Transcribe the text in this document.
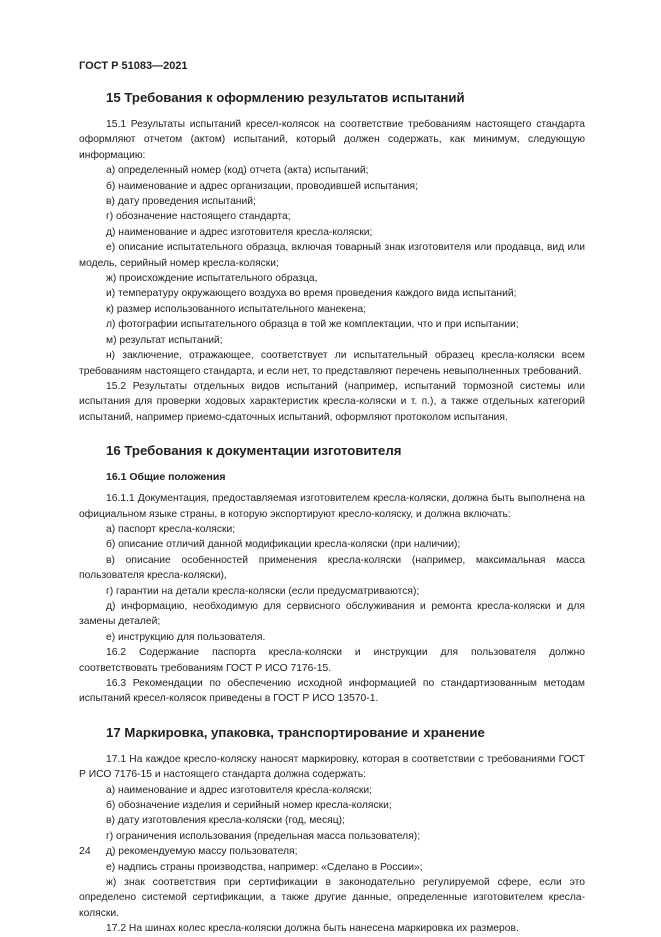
ГОСТ Р 51083—2021
15 Требования к оформлению результатов испытаний

15.1 Результаты испытаний кресел-колясок на соответствие требованиям настоящего стандарта оформляют отчетом (актом) испытаний, который должен содержать, как минимум, следующую информацию:

а) определенный номер (код) отчета (акта) испытаний;

б) наименование и адрес организации, проводившей испытания;

в) дату проведения испытаний;

г) обозначение настоящего стандарта;

д) наименование и адрес изготовителя кресла-коляски;

е) описание испытательного образца, включая товарный знак изготовителя или продавца, вид или модель, серийный номер кресла-коляски;

ж) происхождение испытательного образца,

и) температуру окружающего воздуха во время проведения каждого вида испытаний;

к) размер использованного испытательного манекена;

л) фотографии испытательного образца в той же комплектации, что и при испытании;

м) результат испытаний;

н) заключение, отражающее, соответствует ли испытательный образец кресла-коляски всем требованиям настоящего стандарта, и если нет, то представляют перечень невыполненных требований.

15.2 Результаты отдельных видов испытаний (например, испытаний тормозной системы или испытания для проверки ходовых характеристик кресла-коляски и т. п.), а также отдельных категорий испытаний, например приемо-сдаточных испытаний, оформляют протоколом испытания.

16 Требования к документации изготовителя
16.1 Общие положения

16.1.1 Документация, предоставляемая изготовителем кресла-коляски, должна быть выполнена на официальном языке страны, в которую экспортируют кресло-коляску, и должна включать:

а) паспорт кресла-коляски;

б) описание отличий данной модификации кресла-коляски (при наличии);

в) описание особенностей применения кресла-коляски (например, максимальная масса пользователя кресла-коляски),

г) гарантии на детали кресла-коляски (если предусматриваются);

д) информацию, необходимую для сервисного обслуживания и ремонта кресла-коляски и для замены деталей;

е) инструкцию для пользователя.

16.2 Содержание паспорта кресла-коляски и инструкции для пользователя должно соответствовать требованиям ГОСТ Р ИСО 7176-15.

16.3 Рекомендации по обеспечению исходной информацией по стандартизованным методам испытаний кресел-колясок приведены в ГОСТ Р ИСО 13570-1.

17 Маркировка, упаковка, транспортирование и хранение

17.1 На каждое кресло-коляску наносят маркировку, которая в соответствии с требованиями ГОСТ Р ИСО 7176-15 и настоящего стандарта должна содержать:

а) наименование и адрес изготовителя кресла-коляски;

б) обозначение изделия и серийный номер кресла-коляски;

в) дату изготовления кресла-коляски (год, месяц);

г) ограничения использования (предельная масса пользователя);

д) рекомендуемую массу пользователя;

е) надпись страны производства, например: «Сделано в России»;

ж) знак соответствия при сертификации в законодательно регулируемой сфере, если это определено системой сертификации, а также другие данные, определенные изготовителем кресла-коляски.

17.2 На шинах колес кресла-коляски должна быть нанесена маркировка их размеров.

24
